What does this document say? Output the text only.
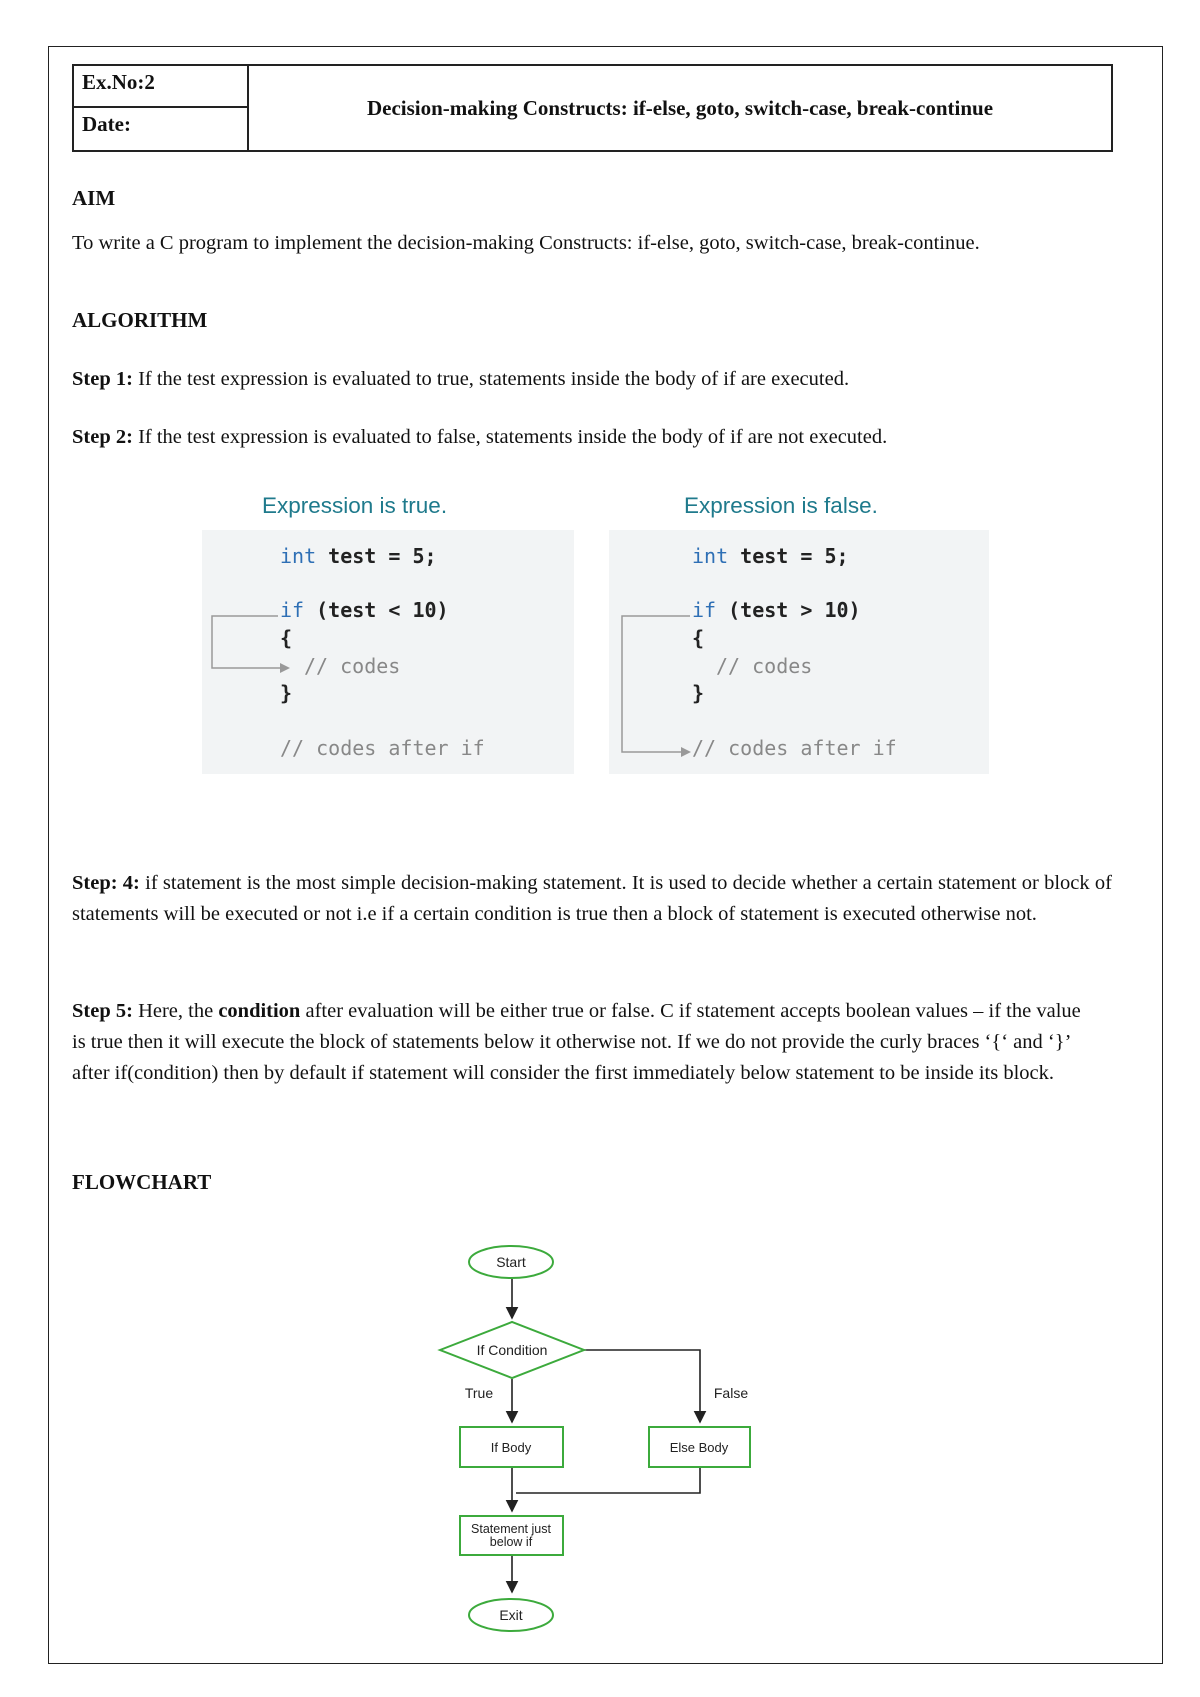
Ex.No:2
Date:
Decision-making Constructs: if-else, goto, switch-case, break-continue
AIM
To write a C program to implement the decision-making Constructs: if-else, goto, switch-case, break-continue.
ALGORITHM
Step 1: If the test expression is evaluated to true, statements inside the body of if are executed.
Step 2: If the test expression is evaluated to false, statements inside the body of if are not executed.
Expression is true.
int test = 5;
if (test < 10)
{
// codes
}
// codes after if
Expression is false.
int test = 5;
if (test > 10)
{
// codes
}
// codes after if
Step: 4: if statement is the most simple decision-making statement. It is used to decide whether a certain statement or block of statements will be executed or not i.e if a certain condition is true then a block of statement is executed otherwise not.
Step 5: Here, the condition after evaluation will be either true or false. C if statement accepts boolean values – if the value is true then it will execute the block of statements below it otherwise not. If we do not provide the curly braces ‘{‘ and ‘}’ after if(condition) then by default if statement will consider the first immediately below statement to be inside its block.
FLOWCHART
Start
If Condition
True	False
If Body	Else Body
Statement just
below if
Exit
